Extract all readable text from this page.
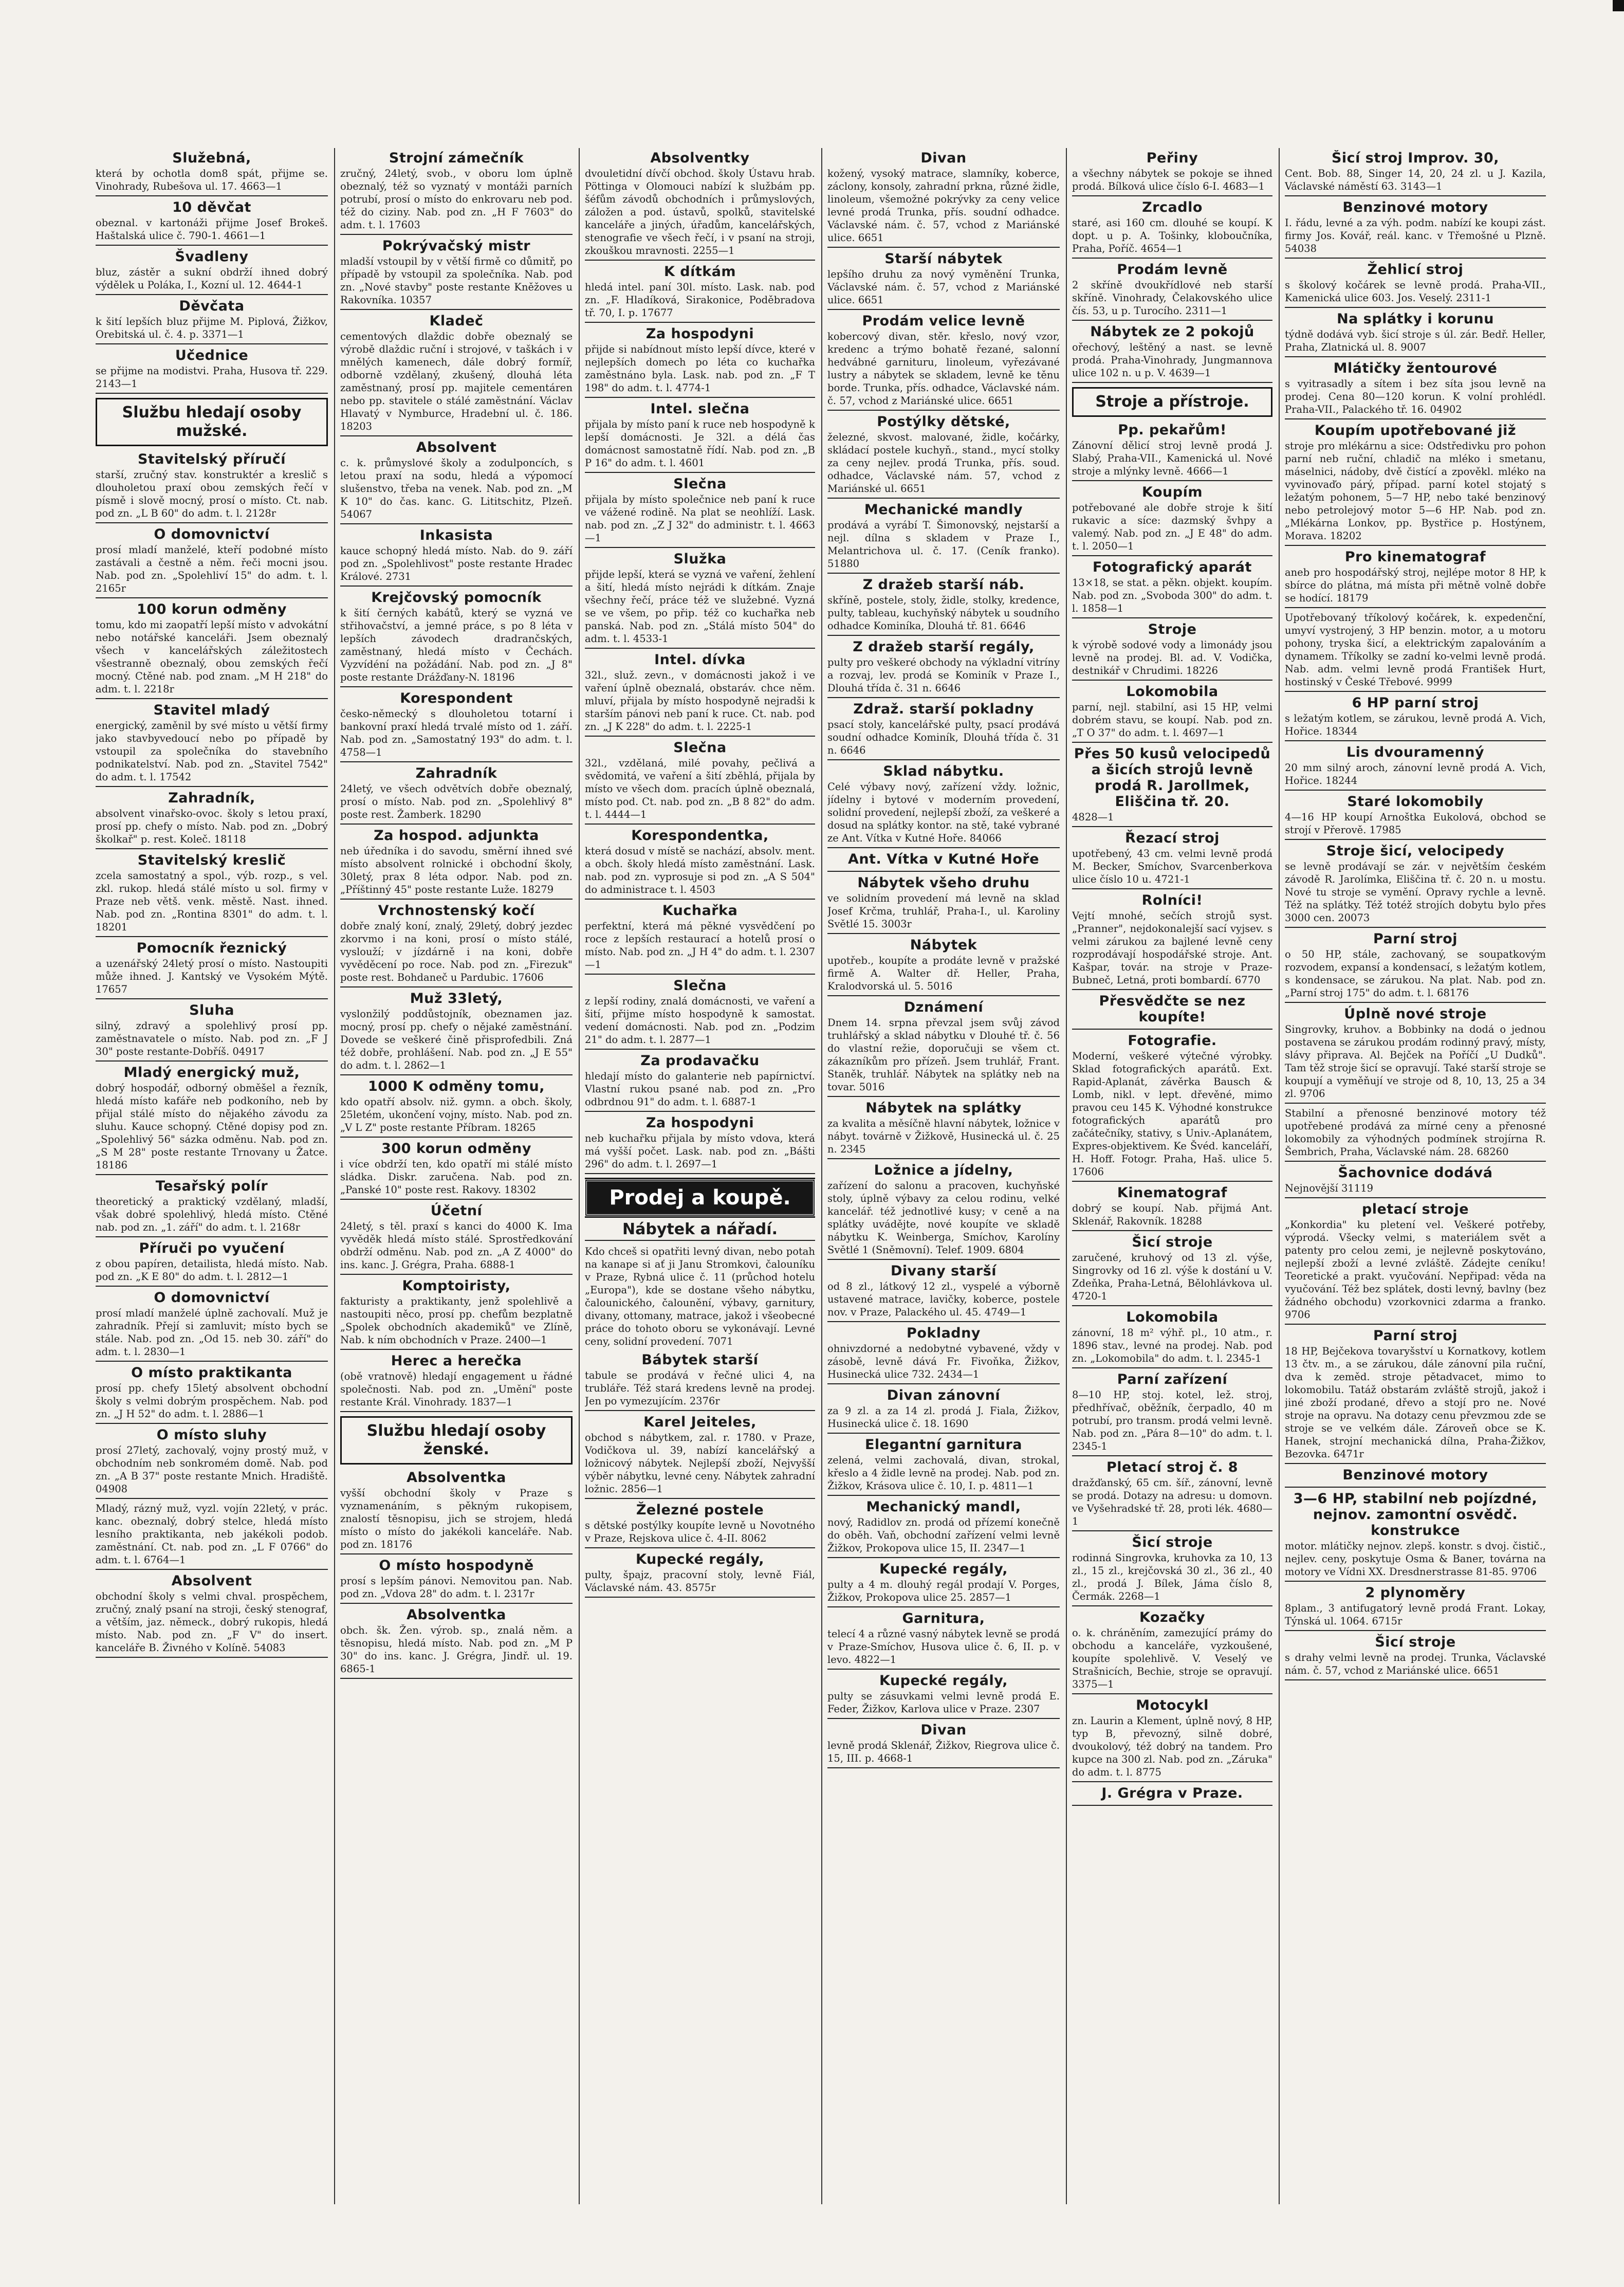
Služebná,
která by ochotla dom8 spát, přijme se. Vinohrady, Rubešova ul. 17. 4663—1
10 děvčat
obeznal. v kartonáži přijme Josef Brokeš. Haštalská ulice č. 790-1. 4661—1
Švadleny
bluz, zástěr a sukní obdrží ihned dobrý výdělek u Poláka, I., Kozní ul. 12. 4644-1
Děvčata
k šití lepších bluz přijme M. Piplová, Žižkov, Orebitská ul. č. 4. p. 3371—1
Učednice
se přijme na modistvi. Praha, Husova tř. 229. 2143—1
Službu hledají osoby mužské.
Stavitelský příručí
starší, zručný stav. konstruktér a kreslič s dlouholetou praxí obou zemských řečí v písmě i slově mocný, prosí o místo. Ct. nab. pod zn. „L B 60" do adm. t. l. 2128r
O domovnictví
prosí mladí manželé, kteří podobné místo zastávali a čestně a něm. řeči mocni jsou. Nab. pod zn. „Spolehliví 15" do adm. t. l. 2165r
100 korun odměny
tomu, kdo mi zaopatří lepší místo v advokátní nebo notářské kanceláři. Jsem obeznalý všech v kancelářských záležitostech všestranně obeznalý, obou zemských řečí mocný. Ctěné nab. pod znam. „M H 218" do adm. t. l. 2218r
Stavitel mladý
energický, zaměnil by své místo u větší firmy jako stavbyvedoucí nebo po případě by vstoupil za společníka do stavebního podnikatelství. Nab. pod zn. „Stavitel 7542" do adm. t. l. 17542
Zahradník,
absolvent vinařsko-ovoc. školy s letou praxí, prosí pp. chefy o místo. Nab. pod zn. „Dobrý školkař" p. rest. Koleč. 18118
Stavitelský kreslič
zcela samostatný a spol., výb. rozp., s vel. zkl. rukop. hledá stálé místo u sol. firmy v Praze neb větš. venk. městě. Nast. ihned. Nab. pod zn. „Rontina 8301" do adm. t. l. 18201
Pomocník řeznický
a uzenářský 24letý prosí o místo. Nastoupiti může ihned. J. Kantský ve Vysokém Mýtě. 17657
Sluha
silný, zdravý a spolehlivý prosí pp. zaměstnavatele o místo. Nab. pod zn. „F J 30" poste restante-Dobříš. 04917
Mladý energický muž,
dobrý hospodář, odborný obměšel a řezník, hledá místo kafáře neb podkoního, neb by přijal stálé místo do nějakého závodu za sluhu. Kauce schopný. Ctěné dopisy pod zn. „Spolehlivý 56" sázka odměnu. Nab. pod zn. „S M 28" poste restante Trnovany u Žatce. 18186
Tesařský polír
theoretický a praktický vzdělaný, mladší, však dobré spolehlivý, hledá místo. Ctěné nab. pod zn. „1. září" do adm. t. l. 2168r
Příruči po vyučení
z obou papíren, detailista, hledá místo. Nab. pod zn. „K E 80" do adm. t. l. 2812—1
O domovnictví
prosí mladí manželé úplně zachovalí. Muž je zahradník. Přejí si zamluvit; místo bych se stále. Nab. pod zn. „Od 15. neb 30. září" do adm. t. l. 2830—1
O místo praktikanta
prosí pp. chefy 15letý absolvent obchodní školy s velmi dobrým prospěchem. Nab. pod zn. „J H 52" do adm. t. l. 2886—1
O místo sluhy
prosí 27letý, zachovalý, vojny prostý muž, v obchodním neb sonkromém domě. Nab. pod zn. „A B 37" poste restante Mnich. Hradiště. 04908
Mladý, rázný muž, vyzl. vojín 22letý, v prác. kanc. obeznalý, dobrý stelce, hledá místo lesního praktikanta, neb jakékoli podob. zaměstnání. Ct. nab. pod zn. „L F 0766" do adm. t. l. 6764—1
Absolvent
obchodní školy s velmi chval. prospěchem, zručný, znalý psaní na stroji, český stenograf, a větším, jaz. německ., dobrý rukopis, hledá místo. Nab. pod zn. „F V" do insert. kanceláře B. Živného v Kolíně. 54083
Strojní zámečník
zručný, 24letý, svob., v oboru lom úplně obeznalý, též so vyznatý v montáži parních potrubí, prosí o místo do enkrovaru neb pod. též do ciziny. Nab. pod zn. „H F 7603" do adm. t. l. 17603
Pokrývačský mistr
mladší vstoupil by v větší firmě co důmitř, po případě by vstoupil za společníka. Nab. pod zn. „Nové stavby" poste restante Kněžoves u Rakovníka. 10357
Kladeč
cementových dlaždic dobře obeznalý se výrobě dlaždic ruční i strojové, v taškách i v mnělých kamenech, dále dobrý formíř, odborně vzdělaný, zkušený, dlouhá léta zaměstnaný, prosí pp. majitele cementáren nebo pp. stavitele o stálé zaměstnání. Václav Hlavatý v Nymburce, Hradební ul. č. 186. 18203
Absolvent
c. k. průmyslové školy a zodulponcích, s letou praxí na sodu, hledá a výpomocí slušenstvo, třeba na venek. Nab. pod zn. „M K 10" do čas. kanc. G. Lititschitz, Plzeň. 54067
Inkasista
kauce schopný hledá místo. Nab. do 9. září pod zn. „Spolehlivost" poste restante Hradec Králové. 2731
Krejčovský pomocník
k šití černých kabátů, který se vyzná ve střihovačství, a jemné práce, s po 8 léta v lepších závodech dradrančských, zaměstnaný, hledá místo v Čechách. Vyzvídéní na požádání. Nab. pod zn. „J 8" poste restante Drážďany-N. 18196
Korespondent
česko-německý s dlouholetou totarní i bankovní praxí hledá trvalé místo od 1. září. Nab. pod zn. „Samostatný 193" do adm. t. l. 4758—1
Zahradník
24letý, ve všech odvětvích dobře obeznalý, prosí o místo. Nab. pod zn. „Spolehlivý 8" poste rest. Žamberk. 18290
Za hospod. adjunkta
neb úředníka i do savodu, směrní ihned své místo absolvent rolnické i obchodní školy, 30letý, prax 8 léta odpor. Nab. pod zn. „Příštinný 45" poste restante Luže. 18279
Vrchnostenský kočí
dobře znalý koní, znalý, 29letý, dobrý jezdec zkorvmo i na koni, prosí o místo stálé, vyslouží; v jízdárně i na koni, dobře vyvěděcení po roce. Nab. pod zn. „Firezuk" poste rest. Bohdaneč u Pardubic. 17606
Muž 33letý,
vyslonžilý poddůstojník, obeznamen jaz. mocný, prosí pp. chefy o nějaké zaměstnání. Dovede se veškeré čině přisprofedbili. Zná též dobře, prohlášení. Nab. pod zn. „J E 55" do adm. t. l. 2862—1
1000 K odměny tomu,
kdo opatří absolv. niž. gymn. a obch. školy, 25letém, ukončení vojny, místo. Nab. pod zn. „V L Z" poste restante Příbram. 18265
300 korun odměny
i více obdrží ten, kdo opatří mi stálé místo sládka. Diskr. zaručena. Nab. pod zn. „Panské 10" poste rest. Rakovy. 18302
Účetní
24letý, s těl. praxí s kanci do 4000 K. Ima vyvěděk hledá místo stálé. Sprostředkování obdrží odměnu. Nab. pod zn. „A Z 4000" do ins. kanc. J. Grégra, Praha. 6888-1
Komptoiristy,
fakturisty a praktikanty, jenž spolehlivě a nastoupiti něco, prosí pp. chefům bezplatně „Spolek obchodních akademiků" ve Zlíně, Nab. k ním obchodních v Praze. 2400—1
Herec a herečka
(obě vratnově) hledají engagement u řádné společnosti. Nab. pod zn. „Umění" poste restante Král. Vinohrady. 1837—1
Službu hledají osoby ženské.
Absolventka
vyšší obchodní školy v Praze s vyznamenáním, s pěkným rukopisem, znalostí těsnopisu, jich se strojem, hledá místo o místo do jakékoli kanceláře. Nab. pod zn. 18176
O místo hospodyně
prosí s lepším pánovi. Nemovitou pan. Nab. pod zn. „Vdova 28" do adm. t. l. 2317r
Absolventka
obch. šk. Žen. výrob. sp., znalá něm. a těsnopisu, hledá místo. Nab. pod zn. „M P 30" do ins. kanc. J. Grégra, Jindř. ul. 19. 6865-1
Absolventky
dvouletidní dívčí obchod. školy Ústavu hrab. Pöttinga v Olomouci nabízí k službám pp. šéfům závodů obchodních i průmyslových, záložen a pod. ústavů, spolků, stavitelské kanceláře a jiných, úřadům, kancelářských, stenografie ve všech řečí, i v psaní na stroji, zkouškou mravnosti. 2255—1
K dítkám
hledá intel. paní 30l. místo. Lask. nab. pod zn. „F. Hladíková, Sirakonice, Poděbradova tř. 70, I. p. 17677
Za hospodyni
přijde si nabídnout místo lepší dívce, které v nejlepších domech po léta co kuchařka zaměstnáno byla. Lask. nab. pod zn. „F T 198" do adm. t. l. 4774-1
Intel. slečna
přijala by místo paní k ruce neb hospodyně k lepší domácnosti. Je 32l. a délá čas domácnost samostatně řídí. Nab. pod zn. „B P 16" do adm. t. l. 4601
Slečna
přijala by místo společnice neb paní k ruce ve vážené rodině. Na plat se neohlíží. Lask. nab. pod zn. „Z J 32" do administr. t. l. 4663—1
Služka
přijde lepší, která se vyzná ve vaření, žehlení a šití, hledá místo nejrádi k dítkám. Znaje všechny řečí, práce též ve služebné. Vyzná se ve všem, po přip. též co kuchařka neb panská. Nab. pod zn. „Stálá místo 504" do adm. t. l. 4533-1
Intel. dívka
32l., služ. zevn., v domácnosti jakož i ve vaření úplně obeznalá, obstaráv. chce něm. mluví, přijala by místo hospodyně nejradši k starším pánovi neb paní k ruce. Ct. nab. pod zn. „J K 228" do adm. t. l. 2225-1
Slečna
32l., vzdělaná, milé povahy, pečlivá a svědomitá, ve vaření a šití zběhlá, přijala by místo ve všech dom. pracích úplně obeznalá, místo pod. Ct. nab. pod zn. „B 8 82" do adm. t. l. 4444—1
Korespondentka,
která dosud v místě se nachází, absolv. ment. a obch. školy hledá místo zaměstnání. Lask. nab. pod zn. vyprosuje si pod zn. „A S 504" do administrace t. l. 4503
Kuchařka
perfektní, která má pěkné vysvědčení po roce z lepších restaurací a hotelů prosí o místo. Nab. pod zn. „J H 4" do adm. t. l. 2307—1
Slečna
z lepší rodiny, znalá domácnosti, ve vaření a šití, přijme místo hospodyně k samostat. vedení domácnosti. Nab. pod zn. „Podzim 21" do adm. t. l. 2877—1
Za prodavačku
hledají místo do galanterie neb papírnictví. Vlastní rukou psané nab. pod zn. „Pro odbrdnou 91" do adm. t. l. 6887-1
Za hospodyni
neb kuchařku přijala by místo vdova, která má vyšší počet. Lask. nab. pod zn. „Bášti 296" do adm. t. l. 2697—1
Prodej a koupě.
Nábytek a nářadí.
Kdo chceš si opatřiti levný divan, nebo potah na kanape si ať ji Janu Stromkovi, čalouníku v Praze, Rybná ulice č. 11 (průchod hotelu „Europa"), kde se dostane všeho nábytku, čalounického, čalounění, výbavy, garnitury, divany, ottomany, matrace, jakož i všeobecné práce do tohoto oboru se vykonávají. Levné ceny, solidní provedení. 7071
Bábytek starší
tabule se prodává v řečné ulici 4, na trubláře. Též stará kredens levně na prodej. Jen po vymezujícím. 2376r
Karel Jeiteles,
obchod s nábytkem, zal. r. 1780. v Praze, Vodičkova ul. 39, nabízí kancelářský a ložnicový nábytek. Nejlepší zboží, Nejvyšší výběr nábytku, levné ceny. Nábytek zahradní ložnic. 2856—1
Železné postele
s dětské postýlky koupíte levně u Novotného v Praze, Rejskova ulice č. 4-II. 8062
Kupecké regály,
pulty, špajz, pracovní stoly, levně Fiál, Václavské nám. 43. 8575r
Divan
kožený, vysoký matrace, slamníky, koberce, záclony, konsoly, zahradní prkna, různé židle, linoleum, všemožné pokrývky za ceny velice levné prodá Trunka, přís. soudní odhadce. Václavské nám. č. 57, vchod z Mariánské ulice. 6651
Starší nábytek
lepšího druhu za nový vyměnění Trunka, Václavské nám. č. 57, vchod z Mariánské ulice. 6651
Prodám velice levně
kobercový divan, stěr. křeslo, nový vzor, kredenc a trýmo bohatě řezané, salonní hedvábné garnituru, linoleum, vyřezávané lustry a nábytek se skladem, levně ke těnu borde. Trunka, přís. odhadce, Václavské nám. č. 57, vchod z Mariánské ulice. 6651
Postýlky dětské,
železné, skvost. malované, židle, kočárky, skládací postele kuchyň., stand., mycí stolky za ceny nejlev. prodá Trunka, přís. soud. odhadce, Václavské nám. 57, vchod z Mariánské ul. 6651
Mechanické mandly
prodává a vyrábí T. Šimonovský, nejstarší a nejl. dílna s skladem v Praze I., Melantrichova ul. č. 17. (Ceník franko). 51880
Z dražeb starší náb.
skříně, postele, stoly, židle, stolky, kredence, pulty, tableau, kuchyňský nábytek u soudního odhadce Kominíka, Dlouhá tř. 81. 6646
Z dražeb starší regály,
pulty pro veškeré obchody na výkladní vitríny a rozvaj, lev. prodá se Kominík v Praze I., Dlouhá třída č. 31 n. 6646
Zdraž. starší pokladny
psací stoly, kancelářské pulty, psací prodává soudní odhadce Kominík, Dlouhá třída č. 31 n. 6646
Sklad nábytku.
Celé výbavy nový, zařízení vždy. ložnic, jídelny i bytové v moderním provedení, solidní provedení, nejlepší zboží, za veškeré a dosud na splátky kontor. na stě, také vybrané ze Ant. Vítka v Kutné Hoře. 84066
Ant. Vítka v Kutné Hoře
Nábytek všeho druhu
ve solidním provedení má levně na sklad Josef Krčma, truhlář, Praha-I., ul. Karoliny Světlé 15. 3003r
Nábytek
upotřeb., koupíte a prodáte levně v pražské firmě A. Walter dř. Heller, Praha, Kralodvorská ul. 5. 5016
Dznámení
Dnem 14. srpna převzal jsem svůj závod truhlářský a sklad nábytku v Dlouhé tř. č. 56 do vlastní režie, doporučuji se všem ct. zákazníkům pro přízeň. Jsem truhlář, Frant. Staněk, truhlář. Nábytek na splátky neb na tovar. 5016
Nábytek na splátky
za kvalita a měsíčně hlavní nábytek, ložnice v nábyt. továrně v Žižkově, Husinecká ul. č. 25 n. 2345
Ložnice a jídelny,
zařízení do salonu a pracoven, kuchyňské stoly, úplně výbavy za celou rodinu, velké kancelář. též jednotlivé kusy; v ceně a na splátky uvádějte, nové koupíte ve skladě nábytku K. Weinberga, Smíchov, Karolíny Světlé 1 (Sněmovní). Telef. 1909. 6804
Divany starší
od 8 zl., látkový 12 zl., vyspelé a výborně ustavené matrace, lavičky, koberce, postele nov. v Praze, Palackého ul. 45. 4749—1
Pokladny
ohnivzdorné a nedobytné vybavené, vždy v zásobě, levně dává Fr. Fivoňka, Žižkov, Husinecká ulice 732. 2434—1
Divan zánovní
za 9 zl. a za 14 zl. prodá J. Fiala, Žižkov, Husinecká ulice č. 18. 1690
Elegantní garnitura
zelená, velmi zachovalá, divan, strokal, křeslo a 4 židle levně na prodej. Nab. pod zn. Žižkov, Krásova ulice č. 10, I. p. 4811—1
Mechanický mandl,
nový, Radidlov zn. prodá od přízemí konečně do oběh. Vaň, obchodní zařízení velmi levně Žižkov, Prokopova ulice 15, II. 2347—1
Kupecké regály,
pulty a 4 m. dlouhý regál prodají V. Porges, Žižkov, Prokopova ulice 25. 2857—1
Garnitura,
telecí 4 a různé vasný nábytek levně se prodá v Praze-Smíchov, Husova ulice č. 6, II. p. v levo. 4822—1
Kupecké regály,
pulty se zásuvkami velmi levně prodá E. Feder, Žižkov, Karlova ulice v Praze. 2307
Divan
levně prodá Sklenář, Žižkov, Riegrova ulice č. 15, III. p. 4668-1
Peřiny
a všechny nábytek se pokoje se ihned prodá. Bílková ulice číslo 6-I. 4683—1
Zrcadlo
staré, asi 160 cm. dlouhé se koupí. K dopt. u p. A. Tošinky, kloboučníka, Praha, Poříč. 4654—1
Prodám levně
2 skříně dvoukřídlové neb starší skříně. Vinohrady, Čelakovského ulice čís. 53, u p. Turocího. 2311—1
Nábytek ze 2 pokojů
ořechový, leštěný a nast. se levně prodá. Praha-Vinohrady, Jungmannova ulice 102 n. u p. V. 4639—1
Stroje a přístroje.
Pp. pekařům!
Zánovní dělicí stroj levně prodá J. Slabý, Praha-VII., Kamenická ul. Nové stroje a mlýnky levně. 4666—1
Koupím
potřebované ale dobře stroje k šití rukavic a síce: dazmský švhpy a valemý. Nab. pod zn. „J E 48" do adm. t. l. 2050—1
Fotografický aparát
13×18, se stat. a pěkn. objekt. koupím. Nab. pod zn. „Svoboda 300" do adm. t. l. 1858—1
Stroje
k výrobě sodové vody a limonády jsou levně na prodej. Bl. ad. V. Vodička, destnikář v Chrudimi. 18226
Lokomobila
parní, nejl. stabilní, asi 15 HP, velmi dobrém stavu, se koupí. Nab. pod zn. „T O 37" do adm. t. l. 4697—1
Přes 50 kusů velocipedů a šicích strojů levně prodá R. Jarollmek, Eliščina tř. 20.
4828—1
Řezací stroj
upotřebený, 43 cm. velmi levně prodá M. Becker, Smíchov, Svarcenberkova ulice číslo 10 u. 4721-1
Rolníci!
Vejtí mnohé, sečích strojů syst. „Pranner", nejdokonalejší sací vyjsev. s velmi zárukou za bajlené levně ceny rozprodávají hospodářské stroje. Ant. Kašpar, továr. na stroje v Praze-Bubneč, Letná, proti bombardí. 6770
Přesvědčte se nez koupíte!
Fotografie.
Moderní, veškeré výtečné výrobky. Sklad fotografických aparátů. Ext. Rapid-Aplanát, závěrka Bausch & Lomb, nikl. v lept. dřevěné, mimo pravou ceu 145 K. Výhodné konstrukce fotografických aparátů pro začátečníky, stativy, s Univ.-Aplanátem, Expres-objektivem. Ke Švéd. kanceláří, H. Hoff. Fotogr. Praha, Haš. ulice 5. 17606
Kinematograf
dobrý se koupí. Nab. přijmá Ant. Sklenář, Rakovník. 18288
Šicí stroje
zaručené, kruhový od 13 zl. výše, Singrovky od 16 zl. výše k dostání u V. Zdeňka, Praha-Letná, Bělohlávkova ul. 4720-1
Lokomobila
zánovní, 18 m² výhř. pl., 10 atm., r. 1896 stav., levné na prodej. Nab. pod zn. „Lokomobila" do adm. t. l. 2345-1
Parní zařízení
8—10 HP, stoj. kotel, lež. stroj, předhřívač, oběžník, čerpadlo, 40 m potrubí, pro transm. prodá velmi levně. Nab. pod zn. „Pára 8—10" do adm. t. l. 2345-1
Pletací stroj č. 8
dražďanský, 65 cm. šíř., zánovní, levně se prodá. Dotazy na adresu: u domovn. ve Vyšehradské tř. 28, proti lék. 4680—1
Šicí stroje
rodinná Singrovka, kruhovka za 10, 13 zl., 15 zl., krejčovská 30 zl., 36 zl., 40 zl., prodá J. Bílek, Jáma číslo 8, Čermák. 2268—1
Kozačky
o. k. chráněním, zamezující prámy do obchodu a kanceláře, vyzkoušené, koupíte spolehlivě. V. Veselý ve Strašnicích, Bechie, stroje se opravují. 3375—1
Motocykl
zn. Laurin a Klement, úplně nový, 8 HP, typ B, převozný, silně dobré, dvoukolový, též dobrý na tandem. Pro kupce na 300 zl. Nab. pod zn. „Záruka" do adm. t. l. 8775
J. Grégra v Praze.
Šicí stroj Improv. 30,
Cent. Bob. 88, Singer 14, 20, 24 zl. u J. Kazila, Václavské náměstí 63. 3143—1
Benzinové motory
I. řádu, levné a za výh. podm. nabízí ke koupi zást. firmy Jos. Kovář, reál. kanc. v Třemošné u Plzně. 54038
Žehlicí stroj
s školový kočárek se levně prodá. Praha-VII., Kamenická ulice 603. Jos. Veselý. 2311-1
Na splátky i korunu
týdně dodává vyb. šicí stroje s úl. zár. Bedř. Heller, Praha, Zlatnická ul. 8. 9007
Mlátičky žentourové
s vyitrasadly a sítem i bez síta jsou levně na prodej. Cena 80—120 korun. K volní prohlédl. Praha-VII., Palackého tř. 16. 04902
Koupím upotřebované již
stroje pro mlékárnu a sice: Odstředivku pro pohon parní neb ruční, chladič na mléko i smetanu, máselnici, nádoby, dvě čistící a zpověkl. mléko na vyvinovaďo párý, případ. parní kotel stojatý s ležatým pohonem, 5—7 HP, nebo také benzinový nebo petrolejový motor 5—6 HP. Nab. pod zn. „Mlékárna Lonkov, pp. Bystřice p. Hostýnem, Morava. 18202
Pro kinematograf
aneb pro hospodářský stroj, nejlépe motor 8 HP, k sbírce do plátna, má místa při mětně volně dobře se hodící. 18179
Upotřebovaný tříkolový kočárek, k. expedenční, umyví vystrojený, 3 HP benzin. motor, a u motoru pohony, tryska šicí, a elektrickým zapalováním a dynamem. Tříkolky se zadní ko-velmi levně prodá. Nab. adm. velmi levně prodá František Hurt, hostinský v České Třebové. 9999
6 HP parní stroj
s ležatým kotlem, se zárukou, levně prodá A. Vich, Hořice. 18344
Lis dvouramenný
20 mm silný aroch, zánovní levně prodá A. Vich, Hořice. 18244
Staré lokomobily
4—16 HP koupí Arnoštka Eukolová, obchod se strojí v Přerově. 17985
Stroje šicí, velocipedy
se levně prodávají se zár. v největším českém závodě R. Jarolímka, Eliščina tř. č. 20 n. u mostu. Nové tu stroje se vymění. Opravy rychle a levně. Též na splátky. Též totéž strojích dobytu bylo přes 3000 cen. 20073
Parní stroj
o 50 HP, stále, zachovaný, se soupatkovým rozvodem, expansí a kondensací, s ležatým kotlem, s kondensace, se zárukou. Na plat. Nab. pod zn. „Parní stroj 175" do adm. t. l. 68176
Úplně nové stroje
Singrovky, kruhov. a Bobbinky na dodá o jednou postavena se zárukou prodám rodinný pravý, místy, slávy připrava. Al. Bejček na Poříčí „U Dudků". Tam těž stroje šicí se opravují. Také starší stroje se koupují a vyměňují ve stroje od 8, 10, 13, 25 a 34 zl. 9706
Stabilní a přenosné benzinové motory též upotřebené prodává za mírné ceny a přenosné lokomobily za výhodných podmínek strojírna R. Šembrich, Praha, Václavské nám. 28. 68260
Šachovnice dodává
Nejnovější 31119
pletací stroje
„Konkordia" ku pletení vel. Veškeré potřeby, výprodá. Všecky velmi, s materiálem svět a patenty pro celou zemi, je nejlevně poskytováno, nejlepší zboží a levné zvláště. Zádejte ceníku! Teoretické a prakt. vyučování. Nepřipad: věda na vyučování. Též bez splátek, dosti levný, bavlny (bez žádného obchodu) vzorkovnici zdarma a franko. 9706
Parní stroj
18 HP, Bejčekova tovaryšství u Kornatkovy, kotlem 13 čtv. m., a se zárukou, dále zánovní pila ruční, dva k zeměd. stroje pětadvacet, mimo to lokomobilu. Tatáž obstarám zvláště strojů, jakož i jiné zboží prodané, dřevo a stojí pro ne. Nové stroje na opravu. Na dotazy cenu převzmou zde se stroje se ve velkém dále. Zároveň obce se K. Hanek, strojní mechanická dílna, Praha-Žižkov, Bezovka. 6471r
Benzinové motory
3—6 HP, stabilní neb pojízdné, nejnov. zamontní osvědč. konstrukce
motor. mlátičky nejnov. zlepš. konstr. s dvoj. čistič., nejlev. ceny, poskytuje Osma & Baner, továrna na motory ve Vídni XX. Dresdnerstrasse 81-85. 9706
2 plynoměry
8plam., 3 antifugatorý levně prodá Frant. Lokay, Týnská ul. 1064. 6715r
Šicí stroje
s drahy velmi levně na prodej. Trunka, Václavské nám. č. 57, vchod z Mariánské ulice. 6651
